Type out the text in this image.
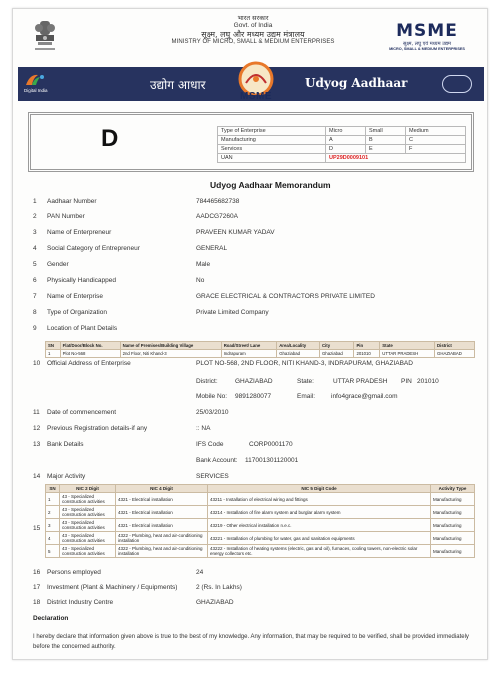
भारत सरकार
Govt. of India
सूक्ष्म, लघु और मध्यम उद्यम मंत्रालय
MINISTRY OF MICRO, SMALL & MEDIUM ENTERPRISES
MSME
सूक्ष्म, लघु एवं मध्यम उद्यम
MICRO, SMALL & MEDIUM ENTERPRISES
Digital India	उद्योग आधार
MSME
Udyog Aadhaar
D	Type of Enterprise	Micro	Small	Medium
Manufacturing	A	B	C
Services	D	E	F
UAN	UP29D0009101		
Udyog Aadhaar Memorandum
1 Aadhaar Number	784465682738
2 PAN Number	AADCG7260A
3 Name of Enterpreneur	PRAVEEN KUMAR YADAV
4 Social Category of Entrepreneur	GENERAL
5 Gender	Male
6 Physically Handicapped	No
7 Name of Enterprise	GRACE ELECTRICAL & CONTRACTORS PRIVATE LIMITED
8 Type of Organization	Private Limited Company
9 Location of Plant Details
SN	Flat/Door/Block No.	Name of Premises/Building Village	Road/Street/ Lane	Area/Locality	City	Pin	State	District
1	Plot No-568	2nd Floor, Niti Khand-3	Indrapuram	Ghaziabad	Ghaziabad	201010	UTTAR PRADESH	GHAZIABAD
10 Official Address of Enterprise	PLOT NO-568, 2ND FLOOR, NITI KHAND-3, INDRAPURAM, GHAZIABAD
District:	GHAZIABAD	State:	UTTAR PRADESH PIN 201010
Mobile No: 9891280077	Email: info4grace@gmail.com
11 Date of commencement	25/03/2010
12 Previous Registration details-if any	:: NA
13 Bank Details	IFS Code	CORP0001170
Bank Account: 117001301120001
14 Major Activity	SERVICES
15
SN	NIC 2 Digit	NIC 4 Digit	NIC 5 Digit Code	Activity Type
1	43 - Specialized construction activities	4321 - Electrical installation	43211 - Installation of electrical wiring and fittings	Manufacturing
2	43 - Specialized construction activities	4321 - Electrical installation	43214 - Installation of fire alarm system and burglar alarm system	Manufacturing
3	43 - Specialized construction activities	4321 - Electrical installation	43219 - Other electrical installation n.e.c.	Manufacturing
4	43 - Specialized construction activities	4322 - Plumbing, heat and air-conditioning installation	43221 - Installation of plumbing for water, gas and sanitation equipments	Manufacturing
5	43 - Specialized construction activities	4322 - Plumbing, heat and air-conditioning installation	43222 - Installation of heating systems (electric, gas and oil), furnaces, cooling towers, non-electric solar energy collectors etc.	Manufacturing
16 Persons employed	24
17 Investment (Plant & Machinery / Equipments)	2 (Rs. In Lakhs)
18 District Industry Centre	GHAZIABAD
Declaration
I hereby declare that information given above is true to the best of my knowledge. Any information, that may be required to be verified, shall be provided immediately before the concerned authority.
